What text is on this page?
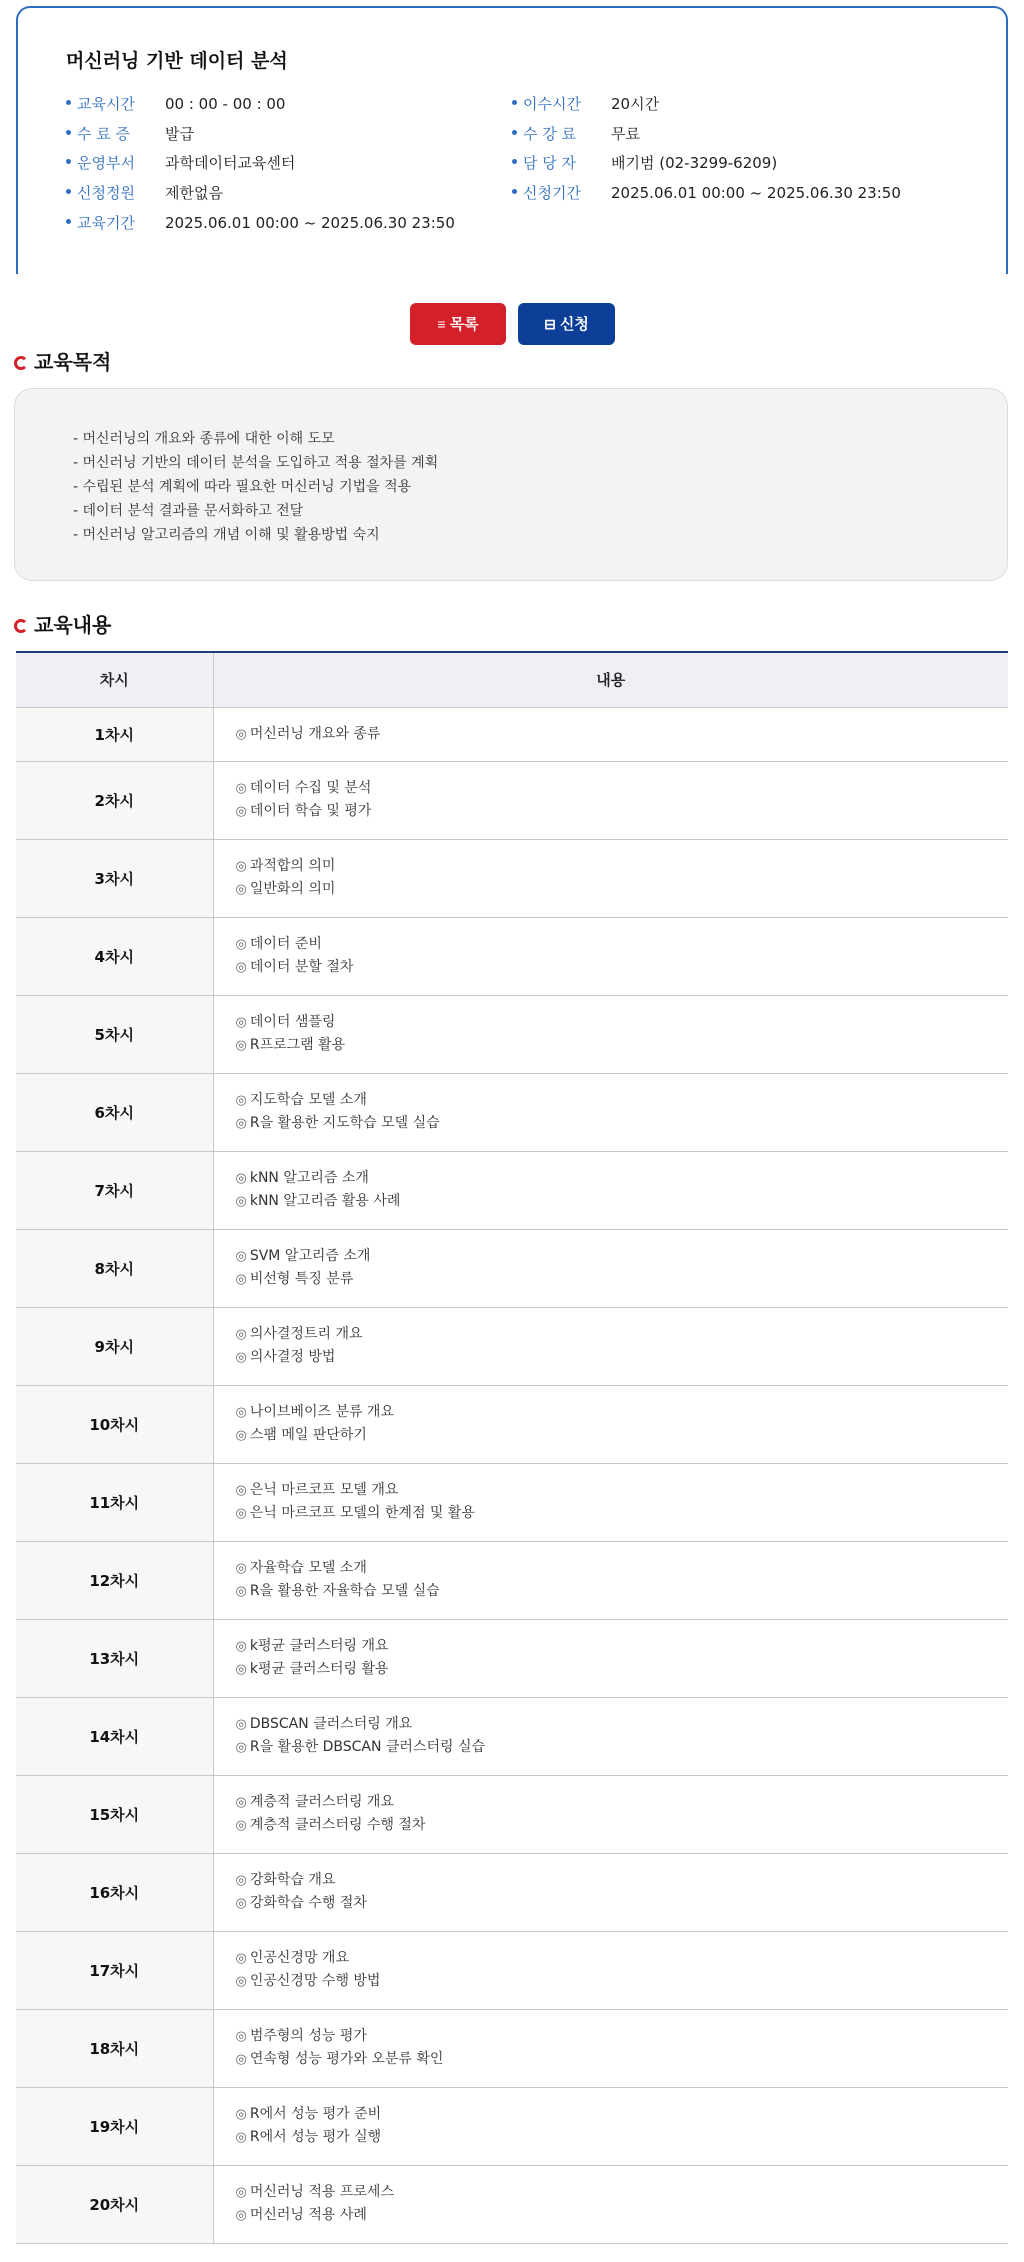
머신러닝 기반 데이터 분석
교육시간 00 : 00 - 00 : 00
수 료 증 발급
운영부서 과학데이터교육센터
신청정원 제한없음
교육기간 2025.06.01 00:00 ~ 2025.06.30 23:50
이수시간 20시간
수 강 료 무료
담 당 자 배기범 (02-3299-6209)
신청기간 2025.06.01 00:00 ~ 2025.06.30 23:50
≡ 목록	⊟ 신청
교육목적
- 머신러닝의 개요와 종류에 대한 이해 도모
- 머신러닝 기반의 데이터 분석을 도입하고 적용 절차를 계획
- 수립된 분석 계획에 따라 필요한 머신러닝 기법을 적용
- 데이터 분석 결과를 문서화하고 전달
- 머신러닝 알고리즘의 개념 이해 및 활용방법 숙지
교육내용
차시	내용
1차시	◎ 머신러닝 개요와 종류

2차시	◎ 데이터 수집 및 분석
◎ 데이터 학습 및 평가

3차시	◎ 과적합의 의미
◎ 일반화의 의미

4차시	◎ 데이터 준비
◎ 데이터 분할 절차

5차시	◎ 데이터 샘플링
◎ R프로그램 활용

6차시	◎ 지도학습 모델 소개
◎ R을 활용한 지도학습 모델 실습

7차시	◎ kNN 알고리즘 소개
◎ kNN 알고리즘 활용 사례

8차시	◎ SVM 알고리즘 소개
◎ 비선형 특징 분류

9차시	◎ 의사결정트리 개요
◎ 의사결정 방법

10차시	◎ 나이브베이즈 분류 개요
◎ 스팸 메일 판단하기

11차시	◎ 은닉 마르코프 모델 개요
◎ 은닉 마르코프 모델의 한계점 및 활용

12차시	◎ 자율학습 모델 소개
◎ R을 활용한 자율학습 모델 실습

13차시	◎ k평균 클러스터링 개요
◎ k평균 클러스터링 활용

14차시	◎ DBSCAN 클러스터링 개요
◎ R을 활용한 DBSCAN 클러스터링 실습

15차시	◎ 계층적 클러스터링 개요
◎ 계층적 클러스터링 수행 절차

16차시	◎ 강화학습 개요
◎ 강화학습 수행 절차

17차시	◎ 인공신경망 개요
◎ 인공신경망 수행 방법

18차시	◎ 범주형의 성능 평가
◎ 연속형 성능 평가와 오분류 확인

19차시	◎ R에서 성능 평가 준비
◎ R에서 성능 평가 실행

20차시	◎ 머신러닝 적용 프로세스
◎ 머신러닝 적용 사례
